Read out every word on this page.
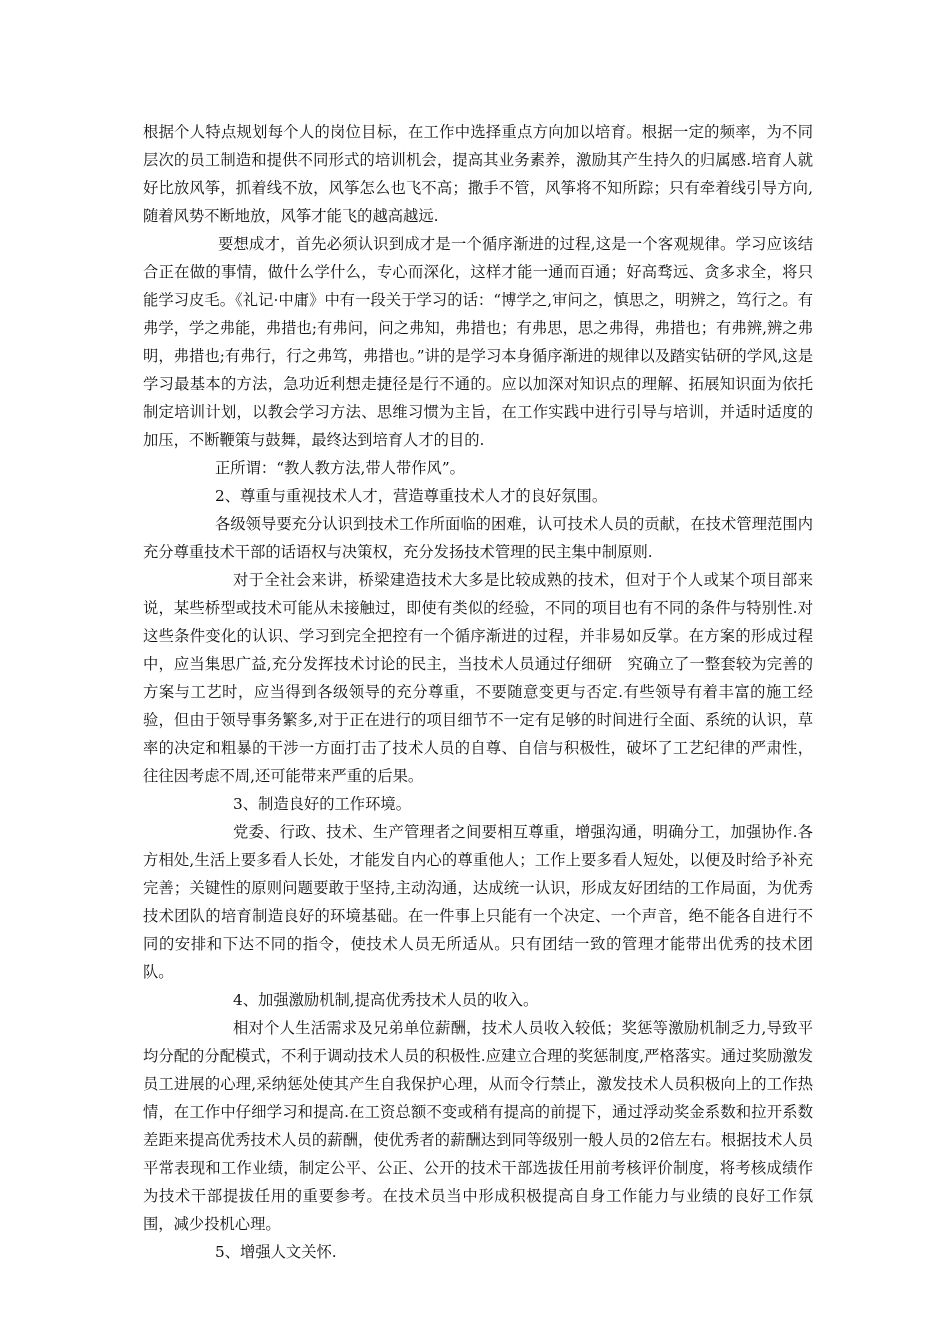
根据个人特点规划每个人的岗位目标，在工作中选择重点方向加以培育。根据一定的频率，为不同层次的员工制造和提供不同形式的培训机会，提高其业务素养，激励其产生持久的归属感.培育人就好比放风筝，抓着线不放，风筝怎么也飞不高；撒手不管，风筝将不知所踪；只有牵着线引导方向,随着风势不断地放，风筝才能飞的越高越远.

要想成才，首先必须认识到成才是一个循序渐进的过程,这是一个客观规律。学习应该结合正在做的事情，做什么学什么，专心而深化，这样才能一通而百通；好高骛远、贪多求全，将只能学习皮毛。《礼记·中庸》中有一段关于学习的话：“博学之,审问之，慎思之，明辨之，笃行之。有弗学，学之弗能，弗措也;有弗问，问之弗知，弗措也；有弗思，思之弗得，弗措也；有弗辨,辨之弗明，弗措也;有弗行，行之弗笃，弗措也。”讲的是学习本身循序渐进的规律以及踏实钻研的学风,这是学习最基本的方法，急功近利想走捷径是行不通的。应以加深对知识点的理解、拓展知识面为依托制定培训计划，以教会学习方法、思维习惯为主旨，在工作实践中进行引导与培训，并适时适度的加压，不断鞭策与鼓舞，最终达到培育人才的目的.

正所谓：“教人教方法,带人带作风”。

2、尊重与重视技术人才，营造尊重技术人才的良好氛围。

各级领导要充分认识到技术工作所面临的困难，认可技术人员的贡献，在技术管理范围内充分尊重技术干部的话语权与决策权，充分发扬技术管理的民主集中制原则.

对于全社会来讲，桥梁建造技术大多是比较成熟的技术，但对于个人或某个项目部来说，某些桥型或技术可能从未接触过，即使有类似的经验，不同的项目也有不同的条件与特别性.对这些条件变化的认识、学习到完全把控有一个循序渐进的过程，并非易如反掌。在方案的形成过程中，应当集思广益,充分发挥技术讨论的民主，当技术人员通过仔细研　究确立了一整套较为完善的方案与工艺时，应当得到各级领导的充分尊重，不要随意变更与否定.有些领导有着丰富的施工经验，但由于领导事务繁多,对于正在进行的项目细节不一定有足够的时间进行全面、系统的认识，草率的决定和粗暴的干涉一方面打击了技术人员的自尊、自信与积极性，破坏了工艺纪律的严肃性，往往因考虑不周,还可能带来严重的后果。

3、制造良好的工作环境。

党委、行政、技术、生产管理者之间要相互尊重，增强沟通，明确分工，加强协作.各方相处,生活上要多看人长处，才能发自内心的尊重他人；工作上要多看人短处，以便及时给予补充完善；关键性的原则问题要敢于坚持,主动沟通，达成统一认识，形成友好团结的工作局面，为优秀技术团队的培育制造良好的环境基础。在一件事上只能有一个决定、一个声音，绝不能各自进行不同的安排和下达不同的指令，使技术人员无所适从。只有团结一致的管理才能带出优秀的技术团队。

4、加强激励机制,提高优秀技术人员的收入。

相对个人生活需求及兄弟单位薪酬，技术人员收入较低；奖惩等激励机制乏力,导致平均分配的分配模式，不利于调动技术人员的积极性.应建立合理的奖惩制度,严格落实。通过奖励激发员工进展的心理,采纳惩处使其产生自我保护心理，从而令行禁止，激发技术人员积极向上的工作热情，在工作中仔细学习和提高.在工资总额不变或稍有提高的前提下，通过浮动奖金系数和拉开系数差距来提高优秀技术人员的薪酬，使优秀者的薪酬达到同等级别一般人员的2倍左右。根据技术人员平常表现和工作业绩，制定公平、公正、公开的技术干部选拔任用前考核评价制度，将考核成绩作为技术干部提拔任用的重要参考。在技术员当中形成积极提高自身工作能力与业绩的良好工作氛围，减少投机心理。

5、增强人文关怀.
